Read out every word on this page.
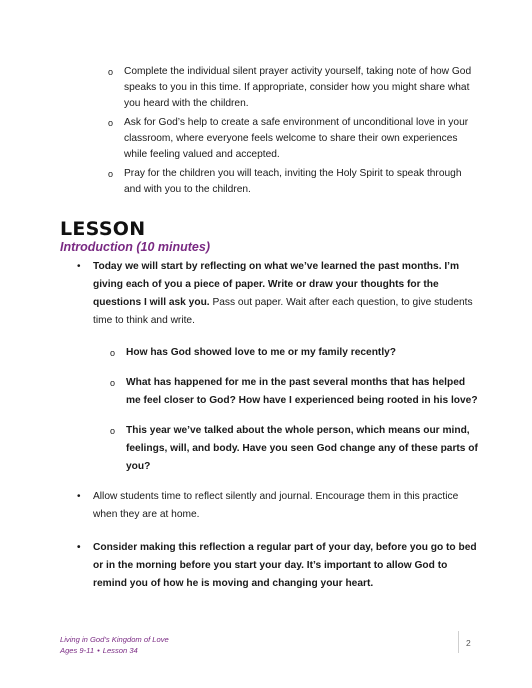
o Complete the individual silent prayer activity yourself, taking note of how God speaks to you in this time. If appropriate, consider how you might share what you heard with the children.
o Ask for God’s help to create a safe environment of unconditional love in your classroom, where everyone feels welcome to share their own experiences while feeling valued and accepted.
o Pray for the children you will teach, inviting the Holy Spirit to speak through and with you to the children.
LESSON
Introduction (10 minutes)
• Today we will start by reflecting on what we’ve learned the past months. I’m giving each of you a piece of paper. Write or draw your thoughts for the questions I will ask you. Pass out paper. Wait after each question, to give students time to think and write.
o How has God showed love to me or my family recently?
o What has happened for me in the past several months that has helped me feel closer to God? How have I experienced being rooted in his love?
o This year we’ve talked about the whole person, which means our mind, feelings, will, and body. Have you seen God change any of these parts of you?
• Allow students time to reflect silently and journal. Encourage them in this practice when they are at home.
• Consider making this reflection a regular part of your day, before you go to bed or in the morning before you start your day. It’s important to allow God to remind you of how he is moving and changing your heart.
Living in God’s Kingdom of Love
Ages 9-11 • Lesson 34
2
